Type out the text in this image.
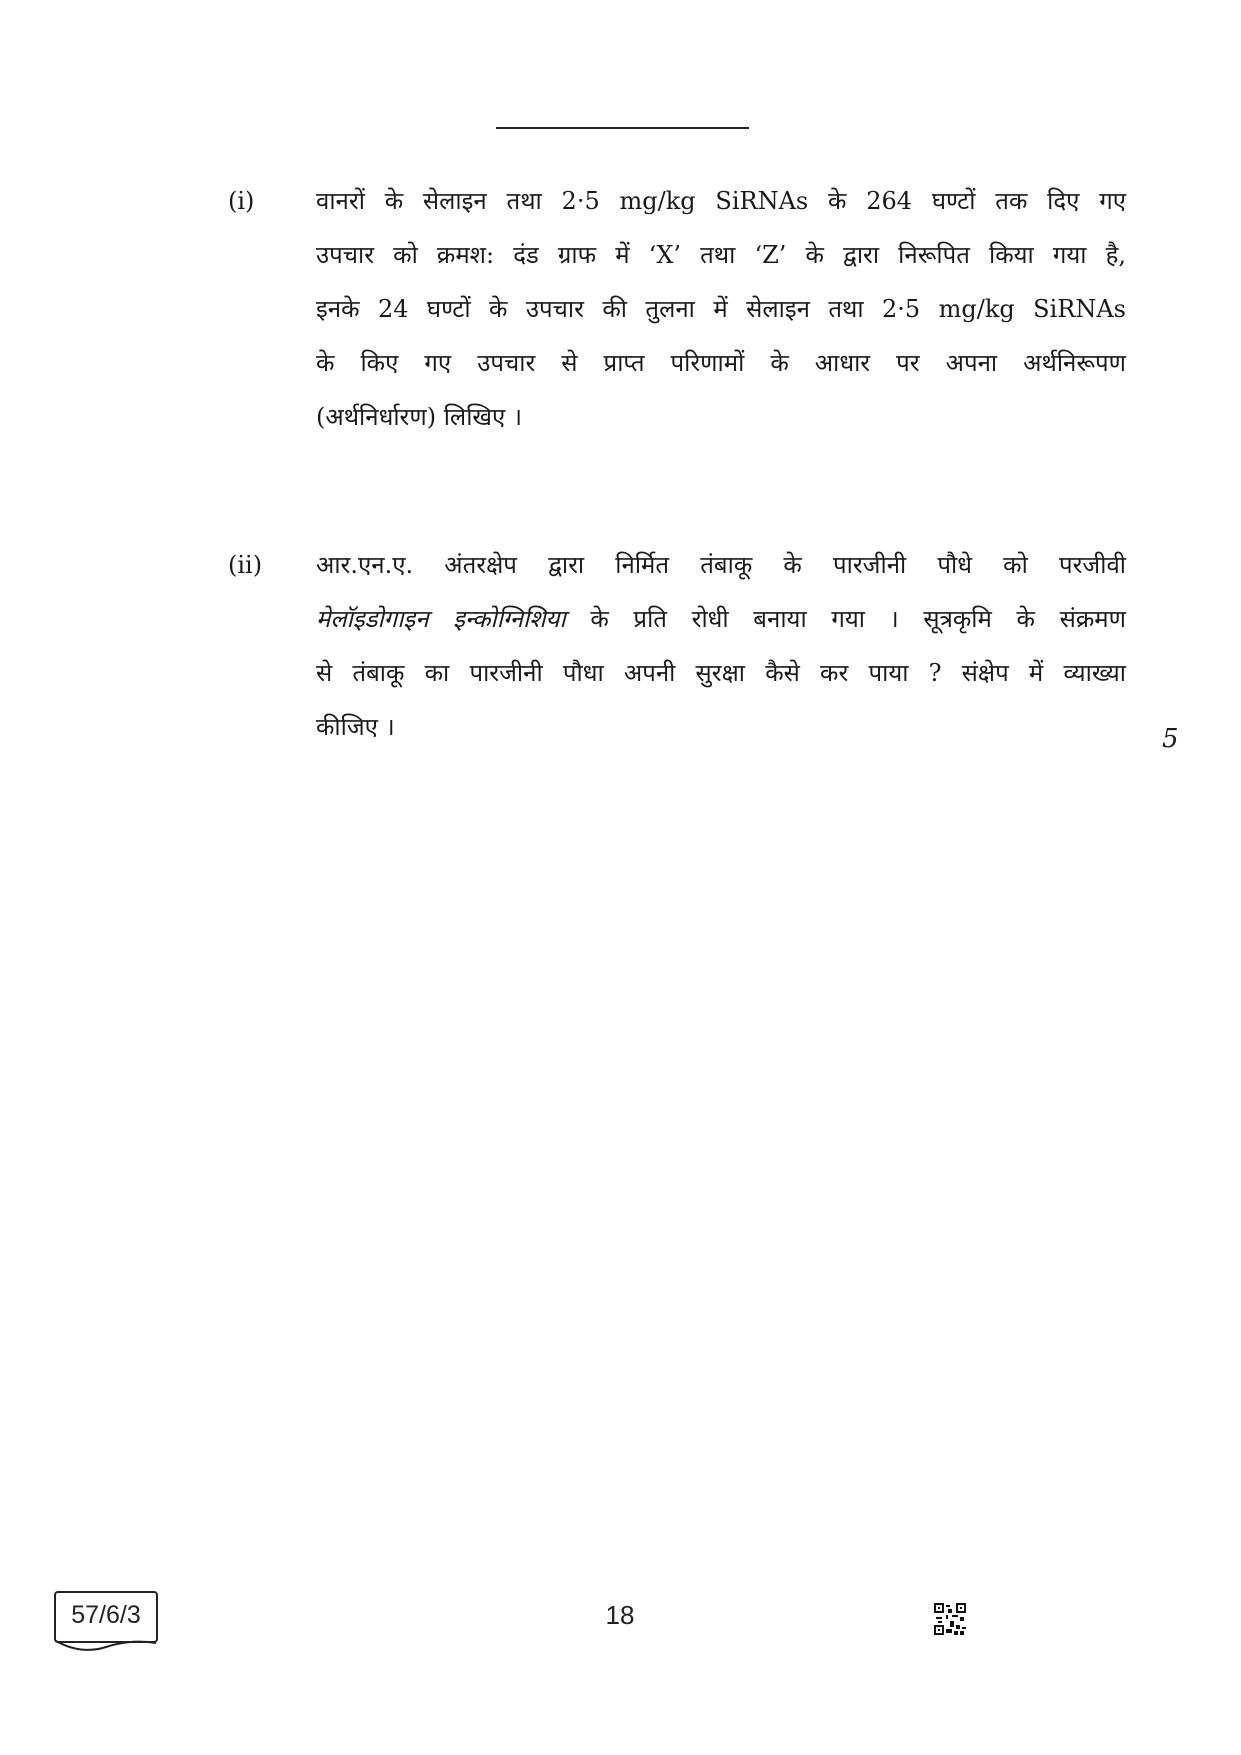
(i)	वानरों के सेलाइन तथा 2·5 mg/kg SiRNAs के 264 घण्टों तक दिए गए
उपचार को क्रमश: दंड ग्राफ में ‘X’ तथा ‘Z’ के द्वारा निरूपित किया गया है,
इनके 24 घण्टों के उपचार की तुलना में सेलाइन तथा 2·5 mg/kg SiRNAs
के किए गए उपचार से प्राप्त परिणामों के आधार पर अपना अर्थनिरूपण
(अर्थनिर्धारण) लिखिए ।
(ii) आर.एन.ए. अंतरक्षेप द्वारा निर्मित तंबाकू के पारजीनी पौधे को परजीवी
मेलॉइडोगाइन इन्कोग्निशिया के प्रति रोधी बनाया गया । सूत्रकृमि के संक्रमण
से तंबाकू का पारजीनी पौधा अपनी सुरक्षा कैसे कर पाया ? संक्षेप में व्याख्या
कीजिए ।	5
57/6/3	18
